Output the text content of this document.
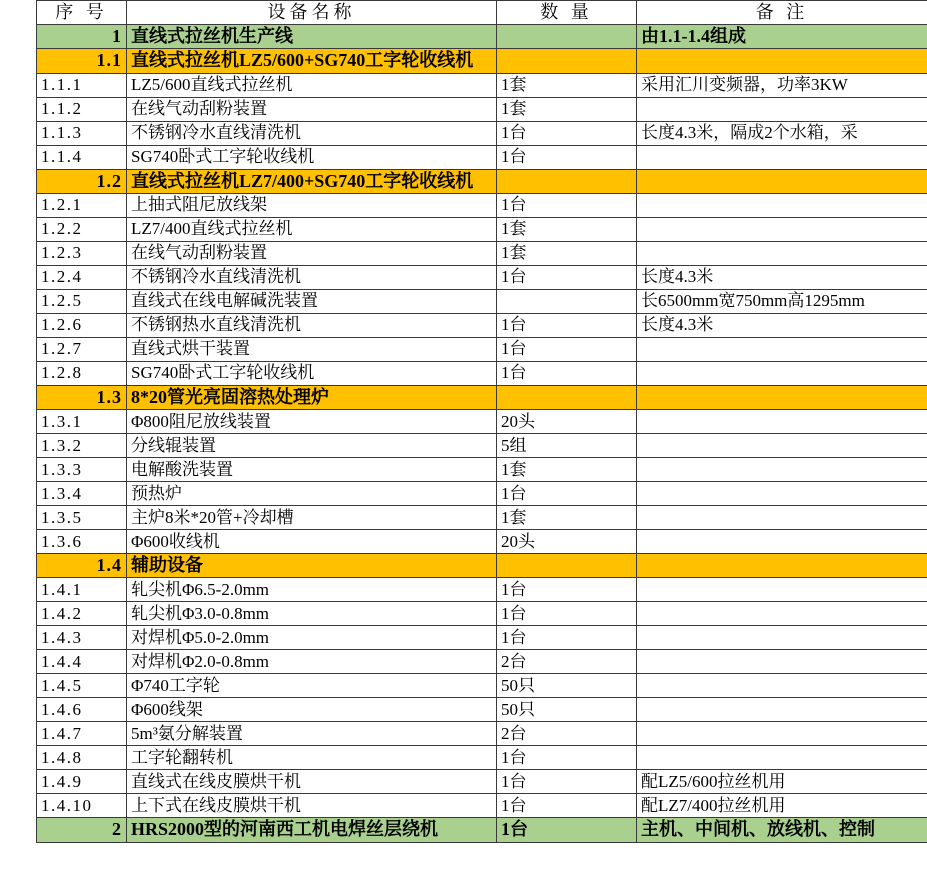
序 号	设备名称	数 量	备 注
1	直线式拉丝机生产线		由1.1-1.4组成
1.1	直线式拉丝机LZ5/600+SG740工字轮收线机		
1.1.1	LZ5/600直线式拉丝机	1套	采用汇川变频器，功率3KW
1.1.2	在线气动刮粉装置	1套	
1.1.3	不锈钢冷水直线清洗机	1台	长度4.3米，隔成2个水箱，采
1.1.4	SG740卧式工字轮收线机	1台	
1.2	直线式拉丝机LZ7/400+SG740工字轮收线机		
1.2.1	上抽式阻尼放线架	1台	
1.2.2	LZ7/400直线式拉丝机	1套	
1.2.3	在线气动刮粉装置	1套	
1.2.4	不锈钢冷水直线清洗机	1台	长度4.3米
1.2.5	直线式在线电解碱洗装置		长6500mm宽750mm高1295mm
1.2.6	不锈钢热水直线清洗机	1台	长度4.3米
1.2.7	直线式烘干装置	1台	
1.2.8	SG740卧式工字轮收线机	1台	
1.3	8*20管光亮固溶热处理炉		
1.3.1	Φ800阻尼放线装置	20头	
1.3.2	分线辊装置	5组	
1.3.3	电解酸洗装置	1套	
1.3.4	预热炉	1台	
1.3.5	主炉8米*20管+冷却槽	1套	
1.3.6	Φ600收线机	20头	
1.4	辅助设备		
1.4.1	轧尖机Φ6.5-2.0mm	1台	
1.4.2	轧尖机Φ3.0-0.8mm	1台	
1.4.3	对焊机Φ5.0-2.0mm	1台	
1.4.4	对焊机Φ2.0-0.8mm	2台	
1.4.5	Φ740工字轮	50只	
1.4.6	Φ600线架	50只	
1.4.7	5m³氨分解装置	2台	
1.4.8	工字轮翻转机	1台	
1.4.9	直线式在线皮膜烘干机	1台	配LZ5/600拉丝机用
1.4.10	上下式在线皮膜烘干机	1台	配LZ7/400拉丝机用
2	HRS2000型的河南西工机电焊丝层绕机	1台	主机、中间机、放线机、控制
